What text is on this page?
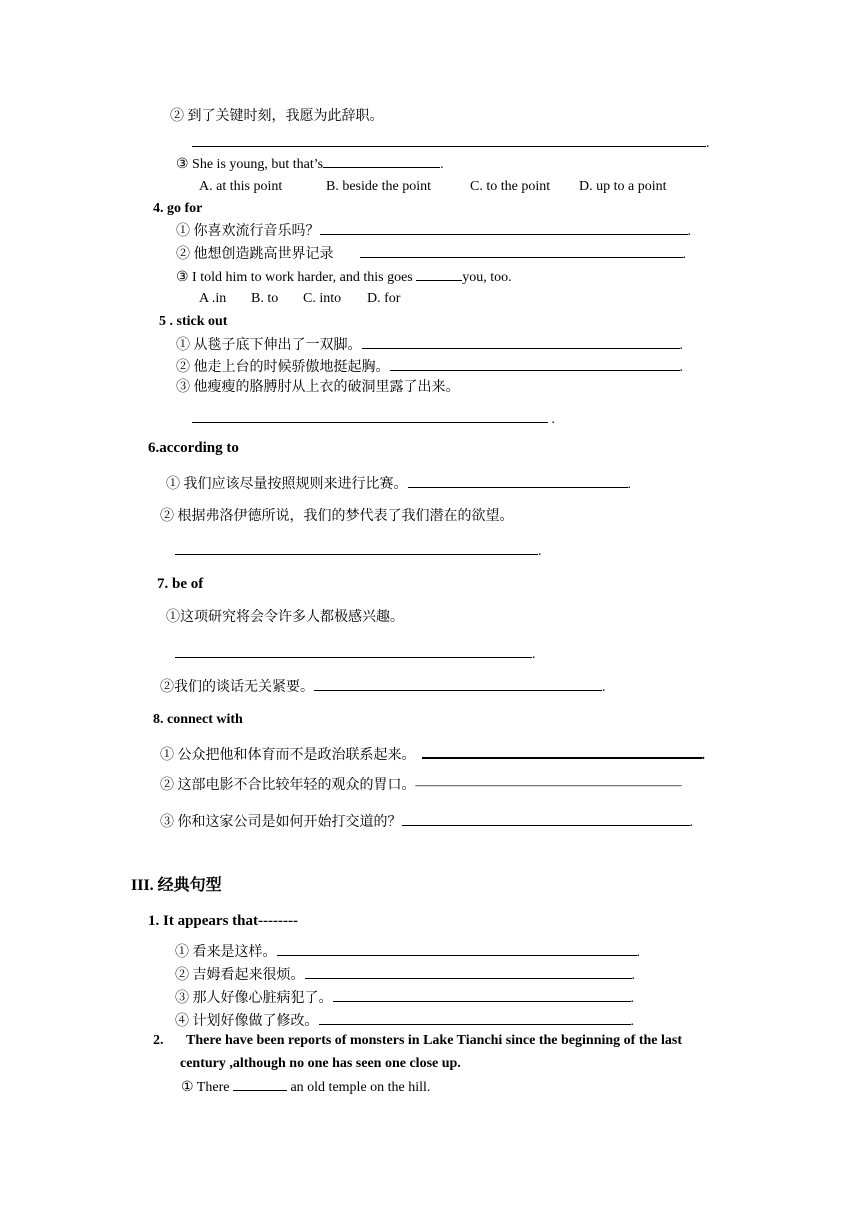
② 到了关键时刻，我愿为此辞职。
.
③ She is young, but that’s	.
A. at this point	B. beside the point	C. to the point D. up to a point
4. go for
① 你喜欢流行音乐吗？	.
② 他想创造跳高世界记录	.
③ I told him to work harder, and this goes	you, too.
A .in B. to C. into D. for
5 . stick out
① 从毯子底下伸出了一双脚。	.
② 他走上台的时候骄傲地挺起胸。	.
③ 他瘦瘦的胳膊肘从上衣的破洞里露了出来。
.
6.according to
① 我们应该尽量按照规则来进行比赛。	.
② 根据弗洛伊德所说，我们的梦代表了我们潜在的欲望。
.
7. be of
①这项研究将会令许多人都极感兴趣。
.
②我们的谈话无关紧要。	.
8. connect with
① 公众把他和体育而不是政治联系起来。	.
② 这部电影不合比较年轻的观众的胃口。———————————————————
③ 你和这家公司是如何开始打交道的？	.
III. 经典句型
1. It appears that--------
① 看来是这样。	.
② 吉姆看起来很烦。	.
③ 那人好像心脏病犯了。	.
④ 计划好像做了修改。	.
2. There have been reports of monsters in Lake Tianchi since the beginning of the last
century ,although no one has seen one close up.
① There	an old temple on the hill.
